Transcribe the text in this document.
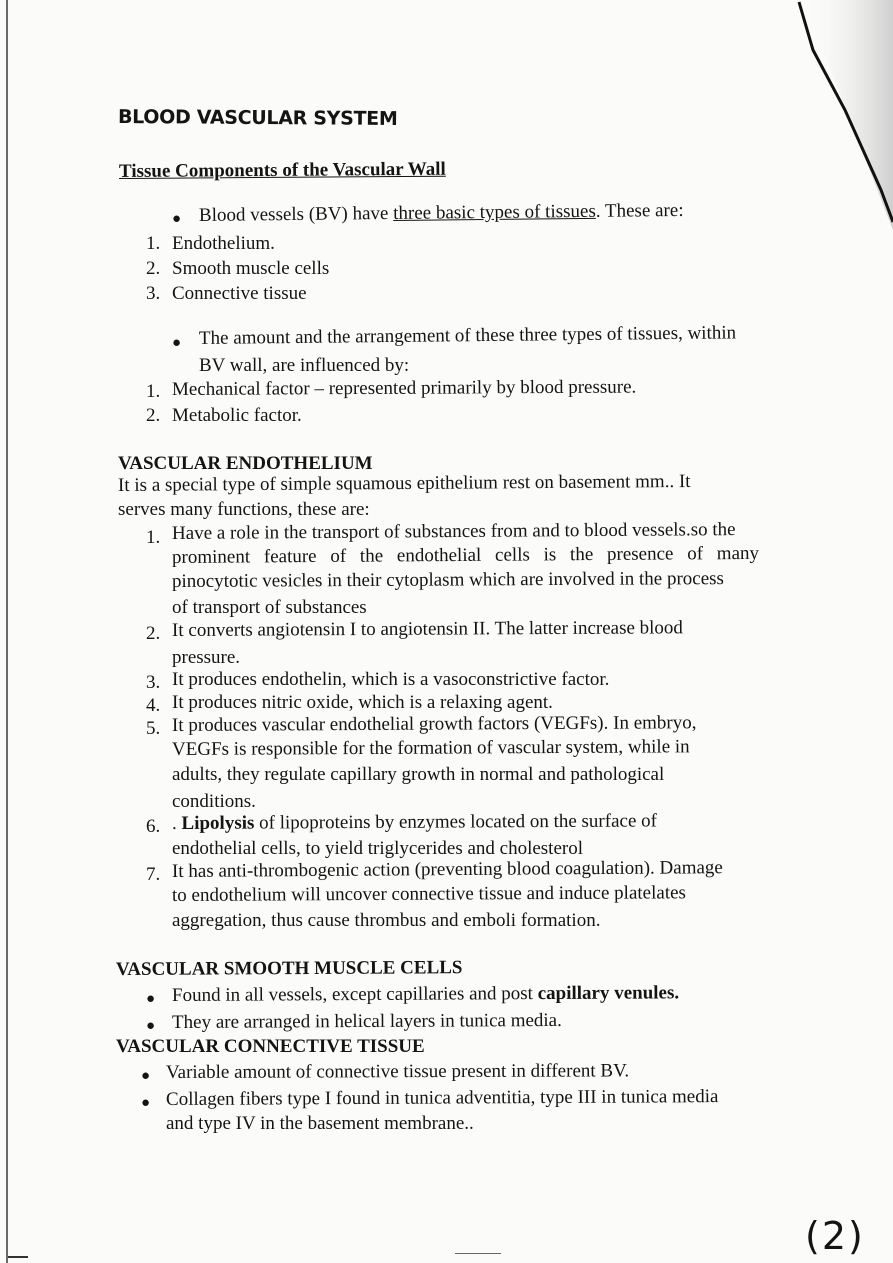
BLOOD VASCULAR SYSTEM
Tissue Components of the Vascular Wall
● Blood vessels (BV) have three basic types of tissues. These are:
1. Endothelium.
2. Smooth muscle cells
3. Connective tissue
● The amount and the arrangement of these three types of tissues, within
BV wall, are influenced by:
1. Mechanical factor – represented primarily by blood pressure.
2. Metabolic factor.
VASCULAR ENDOTHELIUM
It is a special type of simple squamous epithelium rest on basement mm.. It
serves many functions, these are:
1. Have a role in the transport of substances from and to blood vessels.so the
prominent feature of the endothelial cells is the presence of many
pinocytotic vesicles in their cytoplasm which are involved in the process
of transport of substances
2. It converts angiotensin I to angiotensin II. The latter increase blood
pressure.
3. It produces endothelin, which is a vasoconstrictive factor.
4. It produces nitric oxide, which is a relaxing agent.
5. It produces vascular endothelial growth factors (VEGFs). In embryo,
VEGFs is responsible for the formation of vascular system, while in
adults, they regulate capillary growth in normal and pathological
conditions.
6. . Lipolysis of lipoproteins by enzymes located on the surface of
endothelial cells, to yield triglycerides and cholesterol
7. It has anti-thrombogenic action (preventing blood coagulation). Damage
to endothelium will uncover connective tissue and induce platelates
aggregation, thus cause thrombus and emboli formation.
VASCULAR SMOOTH MUSCLE CELLS
● Found in all vessels, except capillaries and post capillary venules.
● They are arranged in helical layers in tunica media.
VASCULAR CONNECTIVE TISSUE
● Variable amount of connective tissue present in different BV.
● Collagen fibers type I found in tunica adventitia, type III in tunica media
and type IV in the basement membrane..
(2)
